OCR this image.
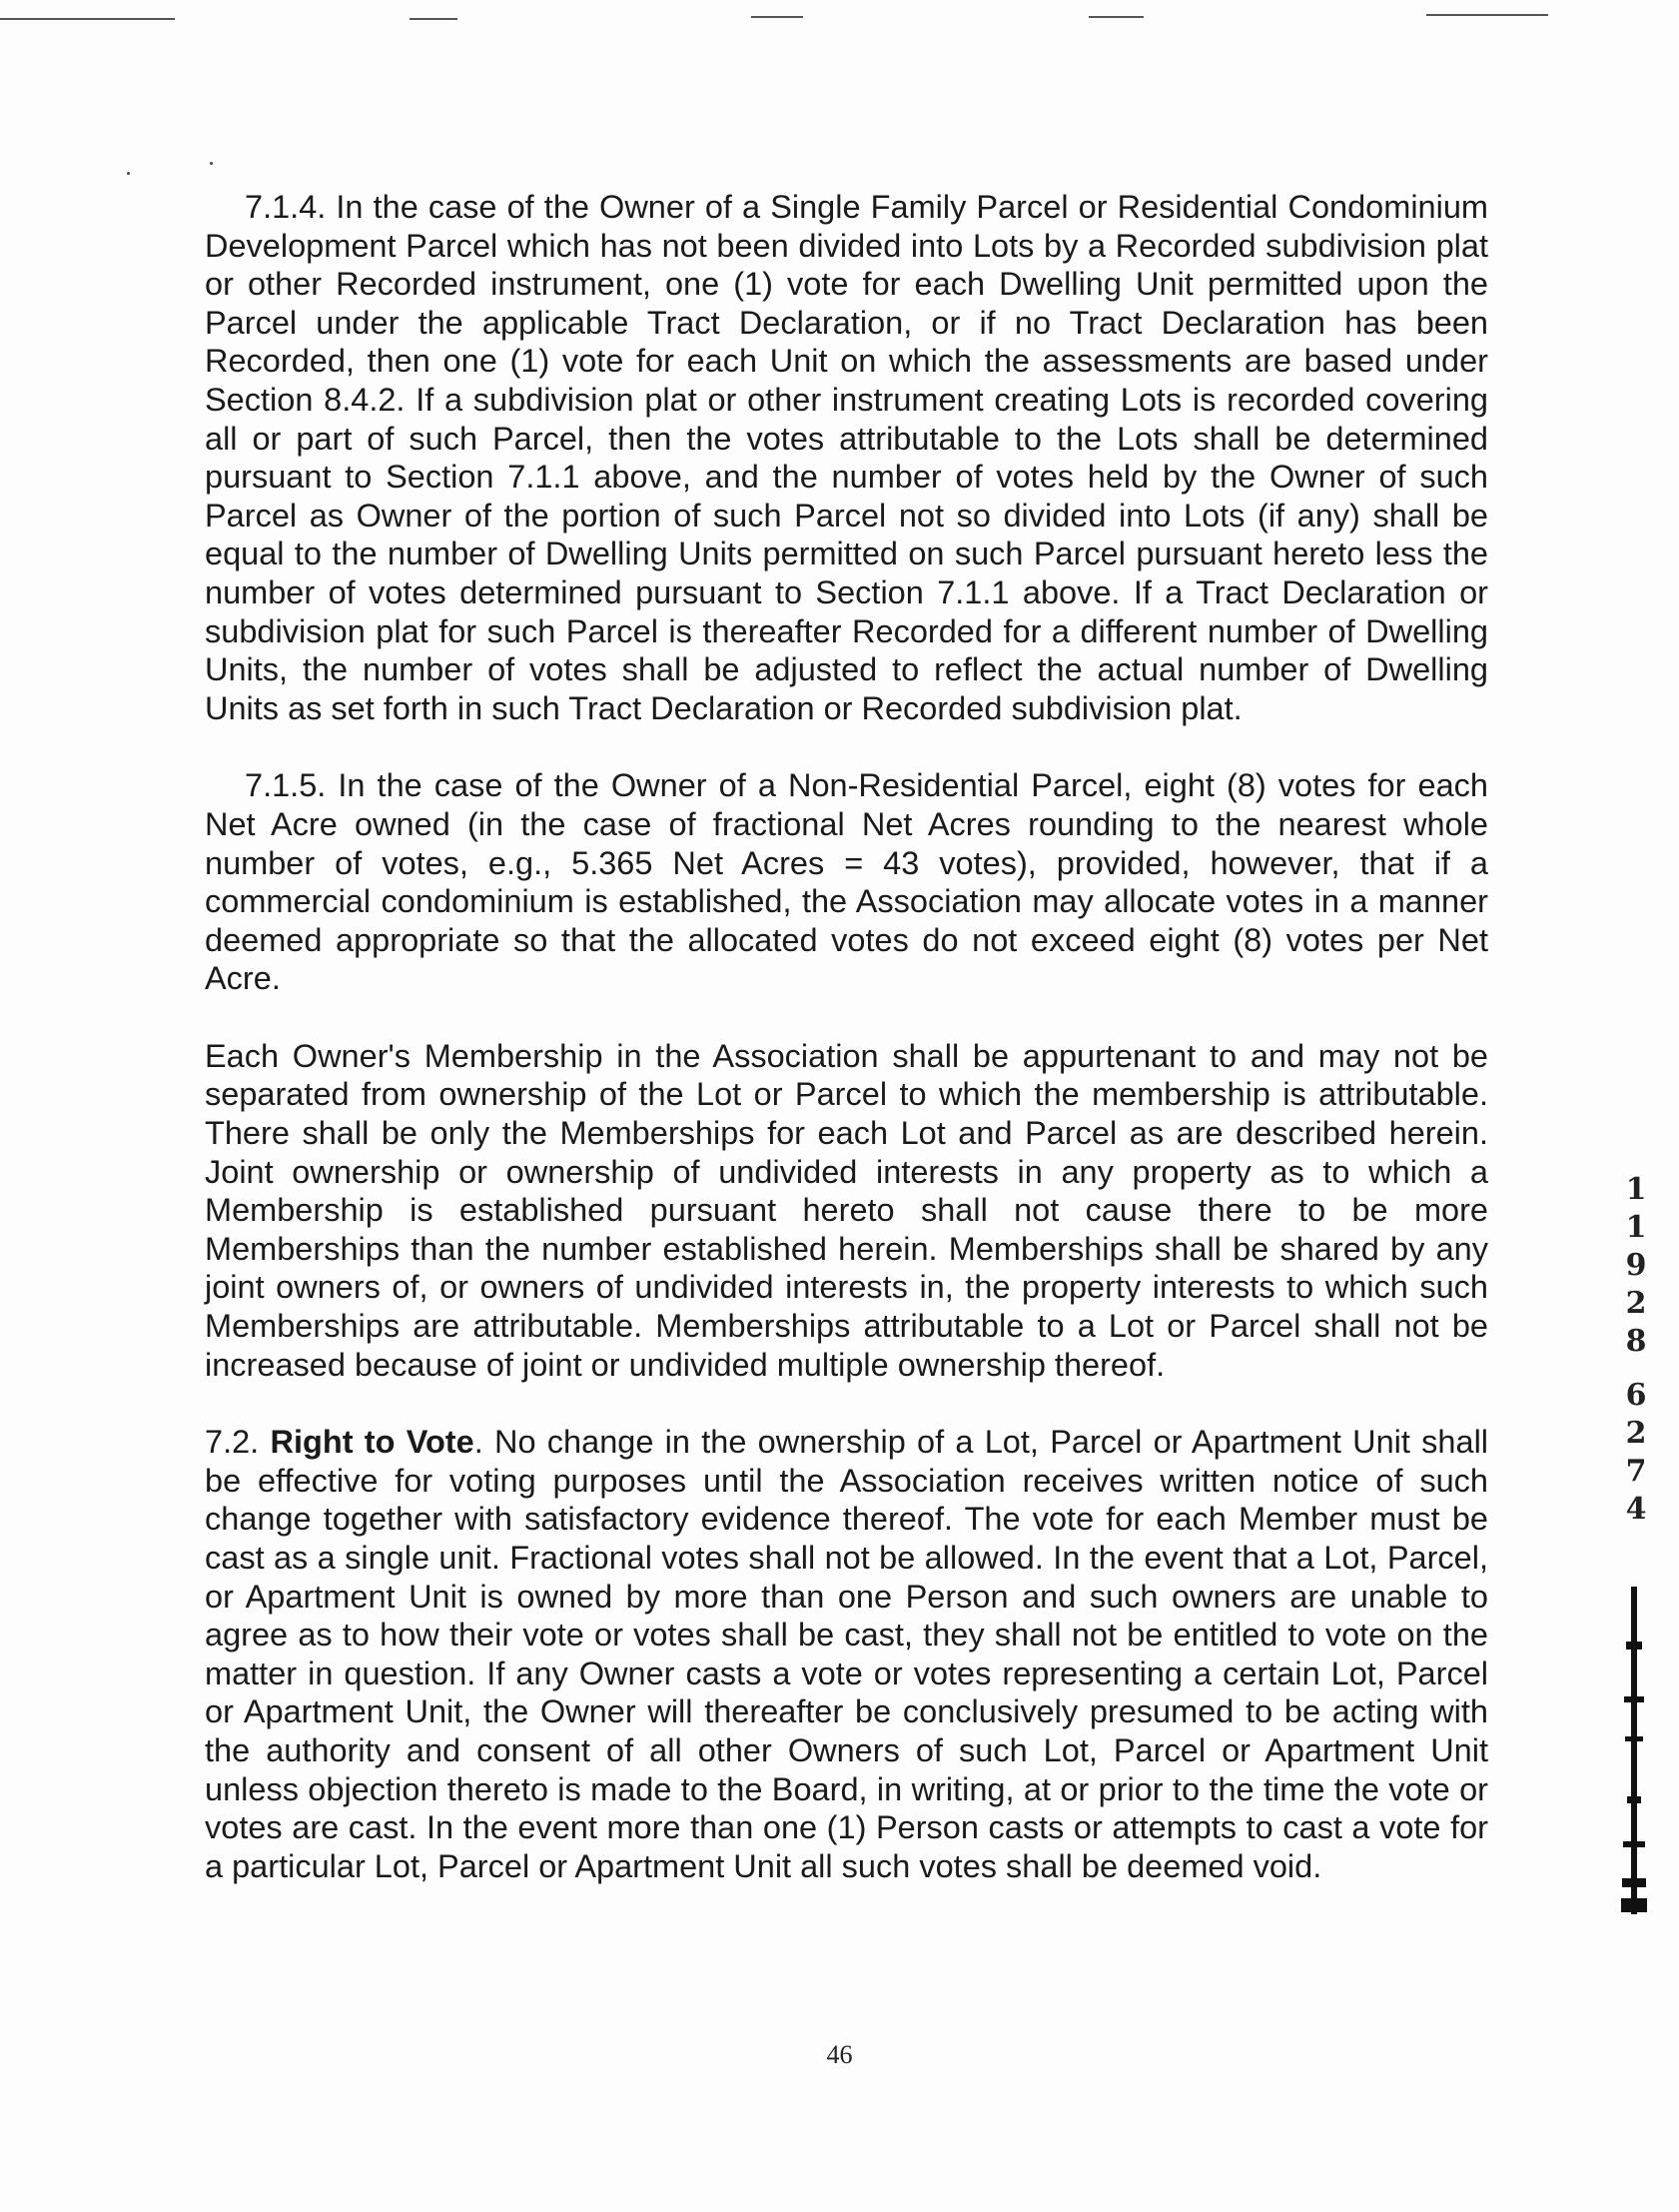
7.1.4. In the case of the Owner of a Single Family Parcel or Residential Condominium Development Parcel which has not been divided into Lots by a Recorded subdivision plat or other Recorded instrument, one (1) vote for each Dwelling Unit permitted upon the Parcel under the applicable Tract Declaration, or if no Tract Declaration has been Recorded, then one (1) vote for each Unit on which the assessments are based under Section 8.4.2. If a subdivision plat or other instrument creating Lots is recorded covering all or part of such Parcel, then the votes attributable to the Lots shall be determined pursuant to Section 7.1.1 above, and the number of votes held by the Owner of such Parcel as Owner of the portion of such Parcel not so divided into Lots (if any) shall be equal to the number of Dwelling Units permitted on such Parcel pursuant hereto less the number of votes determined pursuant to Section 7.1.1 above. If a Tract Declaration or subdivision plat for such Parcel is thereafter Recorded for a different number of Dwelling Units, the number of votes shall be adjusted to reflect the actual number of Dwelling Units as set forth in such Tract Declaration or Recorded subdivision plat.

7.1.5. In the case of the Owner of a Non-Residential Parcel, eight (8) votes for each Net Acre owned (in the case of fractional Net Acres rounding to the nearest whole number of votes, e.g., 5.365 Net Acres = 43 votes), provided, however, that if a commercial condominium is established, the Association may allocate votes in a manner deemed appropriate so that the allocated votes do not exceed eight (8) votes per Net Acre.

Each Owner's Membership in the Association shall be appurtenant to and may not be separated from ownership of the Lot or Parcel to which the membership is attributable. There shall be only the Memberships for each Lot and Parcel as are described herein. Joint ownership or ownership of undivided interests in any property as to which a Membership is established pursuant hereto shall not cause there to be more Memberships than the number established herein. Memberships shall be shared by any joint owners of, or owners of undivided interests in, the property interests to which such Memberships are attributable. Memberships attributable to a Lot or Parcel shall not be increased because of joint or undivided multiple ownership thereof.

7.2. Right to Vote. No change in the ownership of a Lot, Parcel or Apartment Unit shall be effective for voting purposes until the Association receives written notice of such change together with satisfactory evidence thereof. The vote for each Member must be cast as a single unit. Fractional votes shall not be allowed. In the event that a Lot, Parcel, or Apartment Unit is owned by more than one Person and such owners are unable to agree as to how their vote or votes shall be cast, they shall not be entitled to vote on the matter in question. If any Owner casts a vote or votes representing a certain Lot, Parcel or Apartment Unit, the Owner will thereafter be conclusively presumed to be acting with the authority and consent of all other Owners of such Lot, Parcel or Apartment Unit unless objection thereto is made to the Board, in writing, at or prior to the time the vote or votes are cast. In the event more than one (1) Person casts or attempts to cast a vote for a particular Lot, Parcel or Apartment Unit all such votes shall be deemed void.

1
1
9
2
8
6
2
7
4
46
